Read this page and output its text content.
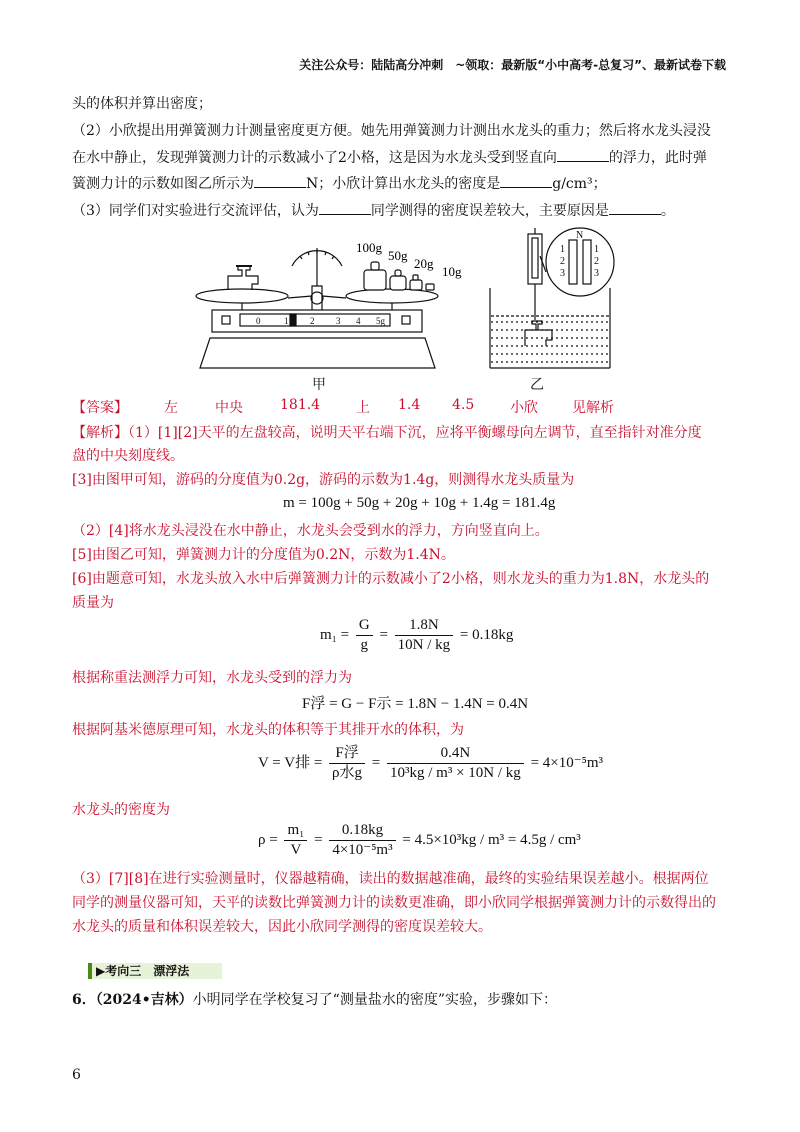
关注公众号：陆陆高分冲刺　~领取：最新版“小中高考-总复习”、最新试卷下载
头的体积并算出密度；
（2）小欣提出用弹簧测力计测量密度更方便。她先用弹簧测力计测出水龙头的重力；然后将水龙头浸没
在水中静止，发现弹簧测力计的示数减小了2小格，这是因为水龙头受到竖直向	的浮力，此时弹
簧测力计的示数如图乙所示为	N；小欣计算出水龙头的密度是	g/cm³；
（3）同学们对实验进行交流评估，认为	同学测得的密度误差较大，主要原因是	。
100g
50g
20g
10g
0	1 2 3 4 5g
N
1
2
3
1
2
3
甲	乙
【答案】	左	中央	181.4	上 1.4 4.5	小欣 见解析
【解析】（1）[1][2]天平的左盘较高，说明天平右端下沉，应将平衡螺母向左调节，直至指针对准分度
盘的中央刻度线。
[3]由图甲可知，游码的分度值为0.2g，游码的示数为1.4g，则测得水龙头质量为
m = 100g + 50g + 20g + 10g + 1.4g = 181.4g
（2）[4]将水龙头浸没在水中静止，水龙头会受到水的浮力，方向竖直向上。
[5]由图乙可知，弹簧测力计的分度值为0.2N，示数为1.4N。
[6]由题意可知，水龙头放入水中后弹簧测力计的示数减小了2小格，则水龙头的重力为1.8N，水龙头的
质量为
$m_1 = \frac{G}{g} = \frac{1.8N}{10N / kg} = 0.18kg$
根据称重法测浮力可知，水龙头受到的浮力为
F浮 = G − F示 = 1.8N − 1.4N = 0.4N
根据阿基米德原理可知，水龙头的体积等于其排开水的体积，为
V = V排 = $\frac{\text{F浮}}{\text{ρ水g}} = \frac{0.4N}{\text{10³kg / m³ × 10N / kg}} = 4\times 10^{-5}m^3$
水龙头的密度为
$\rho = \frac{\text{m₁}}{V} = \frac{0.18kg}{\text{4×10⁻⁵m³}} = 4.5\times 10^3kg / m^3 = 4.5g / cm^3$
（3）[7][8]在进行实验测量时，仪器越精确，读出的数据越准确，最终的实验结果误差越小。根据两位
同学的测量仪器可知，天平的读数比弹簧测力计的读数更准确，即小欣同学根据弹簧测力计的示数得出的
水龙头的质量和体积误差较大，因此小欣同学测得的密度误差较大。
▶考向三　漂浮法
6．（2024•吉林）小明同学在学校复习了“测量盐水的密度”实验，步骤如下：
6
